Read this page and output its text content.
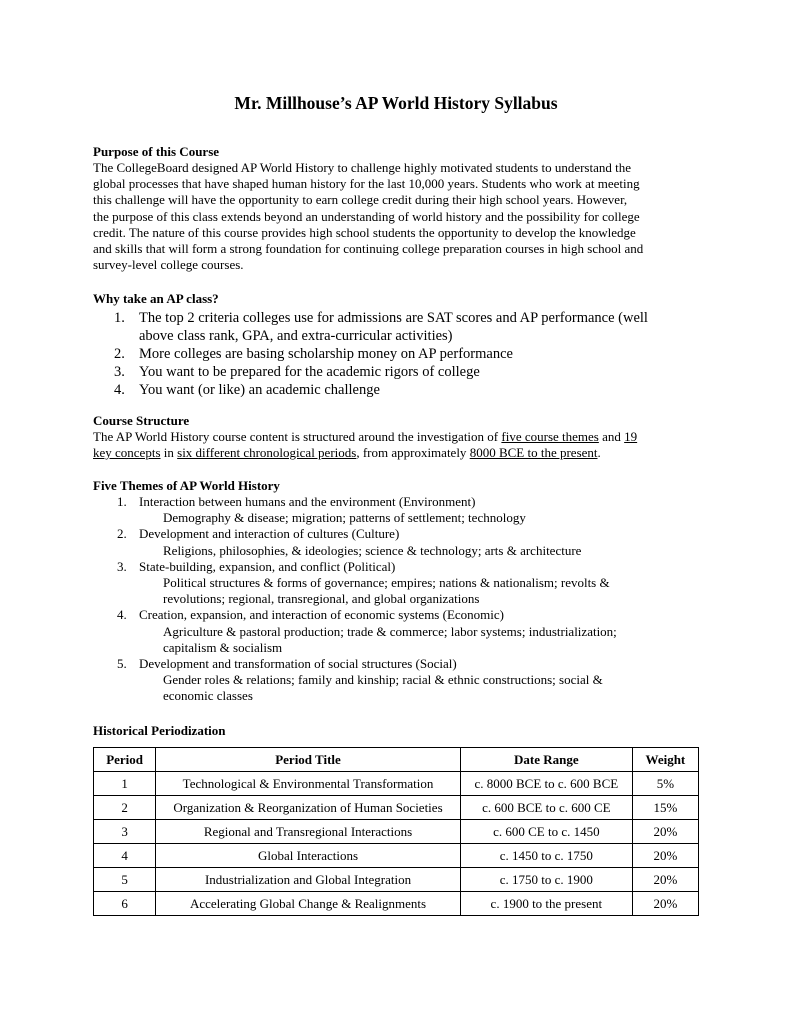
Mr. Millhouse’s AP World History Syllabus

Purpose of this Course

The CollegeBoard designed AP World History to challenge highly motivated students to understand the
global processes that have shaped human history for the last 10,000 years. Students who work at meeting
this challenge will have the opportunity to earn college credit during their high school years. However,
the purpose of this class extends beyond an understanding of world history and the possibility for college
credit. The nature of this course provides high school students the opportunity to develop the knowledge
and skills that will form a strong foundation for continuing college preparation courses in high school and
survey-level college courses.

Why take an AP class?

1. The top 2 criteria colleges use for admissions are SAT scores and AP performance (well
above class rank, GPA, and extra-curricular activities)
2. More colleges are basing scholarship money on AP performance
3. You want to be prepared for the academic rigors of college
4. You want (or like) an academic challenge

Course Structure

The AP World History course content is structured around the investigation of five course themes and 19
key concepts in six different chronological periods, from approximately 8000 BCE to the present.

Five Themes of AP World History

1. Interaction between humans and the environment (Environment)
Demography & disease; migration; patterns of settlement; technology
2. Development and interaction of cultures (Culture)
Religions, philosophies, & ideologies; science & technology; arts & architecture
3. State-building, expansion, and conflict (Political)
Political structures & forms of governance; empires; nations & nationalism; revolts &
revolutions; regional, transregional, and global organizations
4. Creation, expansion, and interaction of economic systems (Economic)
Agriculture & pastoral production; trade & commerce; labor systems; industrialization;
capitalism & socialism
5. Development and transformation of social structures (Social)
Gender roles & relations; family and kinship; racial & ethnic constructions; social &
economic classes

Historical Periodization

Period	Period Title	Date Range	Weight
1	Technological & Environmental Transformation	c. 8000 BCE to c. 600 BCE	5%
2	Organization & Reorganization of Human Societies	c. 600 BCE to c. 600 CE	15%
3	Regional and Transregional Interactions	c. 600 CE to c. 1450	20%
4	Global Interactions	c. 1450 to c. 1750	20%
5	Industrialization and Global Integration	c. 1750 to c. 1900	20%
6	Accelerating Global Change & Realignments	c. 1900 to the present	20%
